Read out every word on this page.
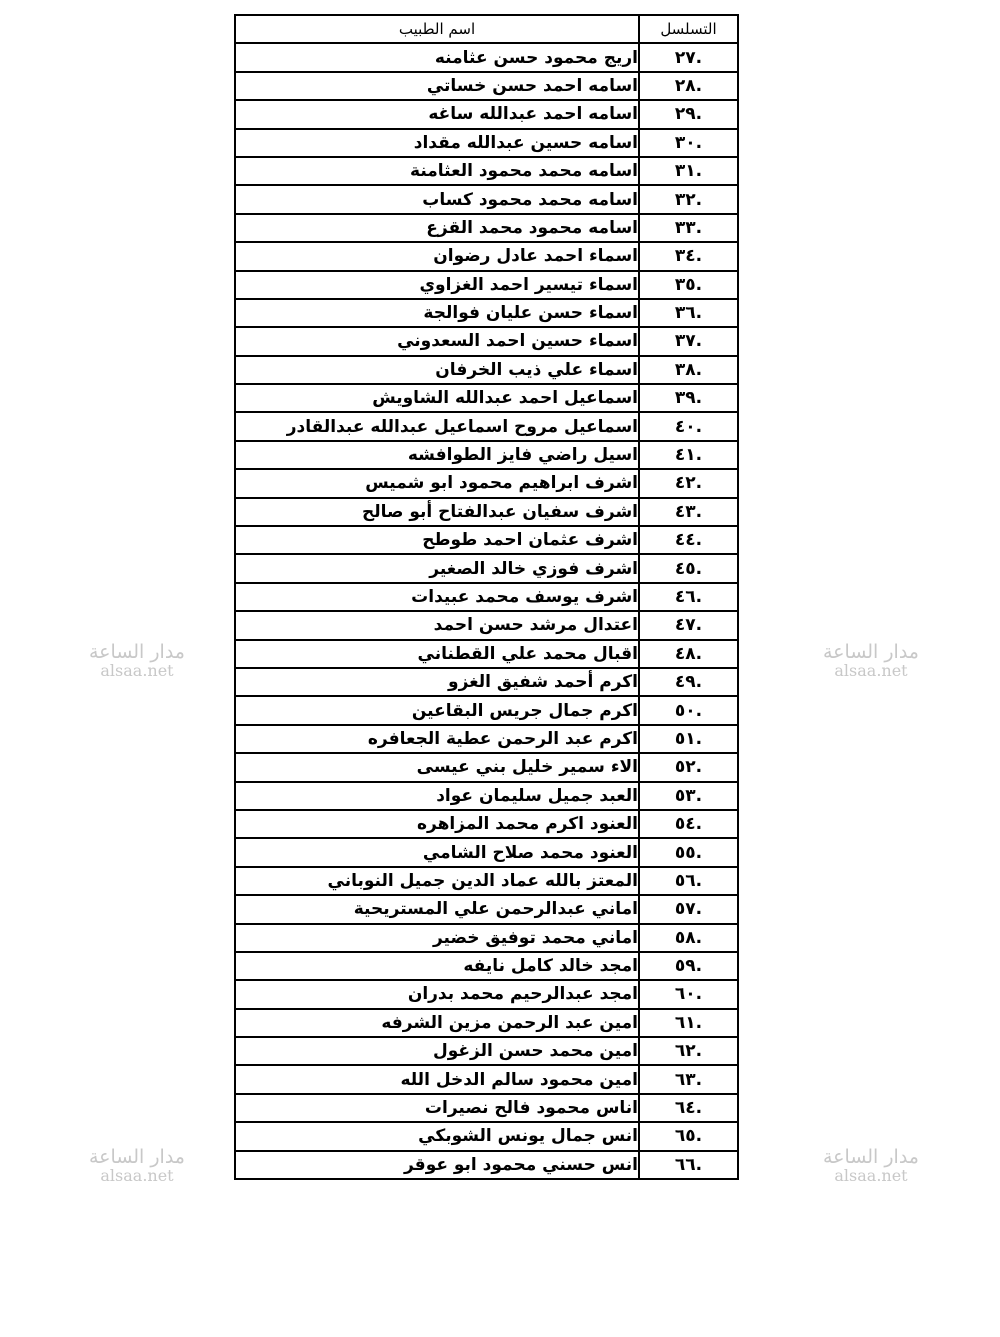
مدار الساعة
alsaa.net
مدار الساعة
alsaa.net
مدار الساعة
alsaa.net
مدار الساعة
alsaa.net
التسلسل	اسم الطبيب
.٢٧	اريج محمود حسن عثامنه
.٢٨	اسامه احمد حسن خساتي
.٢٩	اسامه احمد عبدالله ساغه
.٣٠	اسامه حسين عبدالله مقداد
.٣١	اسامه محمد محمود العثامنة
.٣٢	اسامه محمد محمود كساب
.٣٣	اسامه محمود محمد القزع
.٣٤	اسماء احمد عادل رضوان
.٣٥	اسماء تيسير احمد الغزاوي
.٣٦	اسماء حسن عليان فوالجة
.٣٧	اسماء حسين احمد السعدوني
.٣٨	اسماء علي ذيب الخرفان
.٣٩	اسماعيل احمد عبدالله الشاويش
.٤٠	اسماعيل مروح اسماعيل عبدالله عبدالقادر
.٤١	اسيل راضي فايز الطوافشه
.٤٢	اشرف ابراهيم محمود ابو شميس
.٤٣	اشرف سفيان عبدالفتاح أبو صالح
.٤٤	اشرف عثمان احمد طوطح
.٤٥	اشرف فوزي خالد الصغير
.٤٦	اشرف يوسف محمد عبيدات
.٤٧	اعتدال مرشد حسن احمد
.٤٨	اقبال محمد علي القطناني
.٤٩	اكرم أحمد شفيق الغزو
.٥٠	اكرم جمال جريس البقاعين
.٥١	اكرم عبد الرحمن عطية الجعافره
.٥٢	الاء سمير خليل بني عيسى
.٥٣	العبد جميل سليمان عواد
.٥٤	العنود اكرم محمد المزاهره
.٥٥	العنود محمد صلاح الشامي
.٥٦	المعتز بالله عماد الدين جميل النوباني
.٥٧	اماني عبدالرحمن علي المستريحية
.٥٨	اماني محمد توفيق خضير
.٥٩	امجد خالد كامل نايفه
.٦٠	امجد عبدالرحيم محمد بدران
.٦١	امين عبد الرحمن مزين الشرفه
.٦٢	امين محمد حسن الزغول
.٦٣	امين محمود سالم الدخل الله
.٦٤	اناس محمود فالح نصيرات
.٦٥	انس جمال يونس الشوبكي
.٦٦	انس حسني محمود ابو عوقر
